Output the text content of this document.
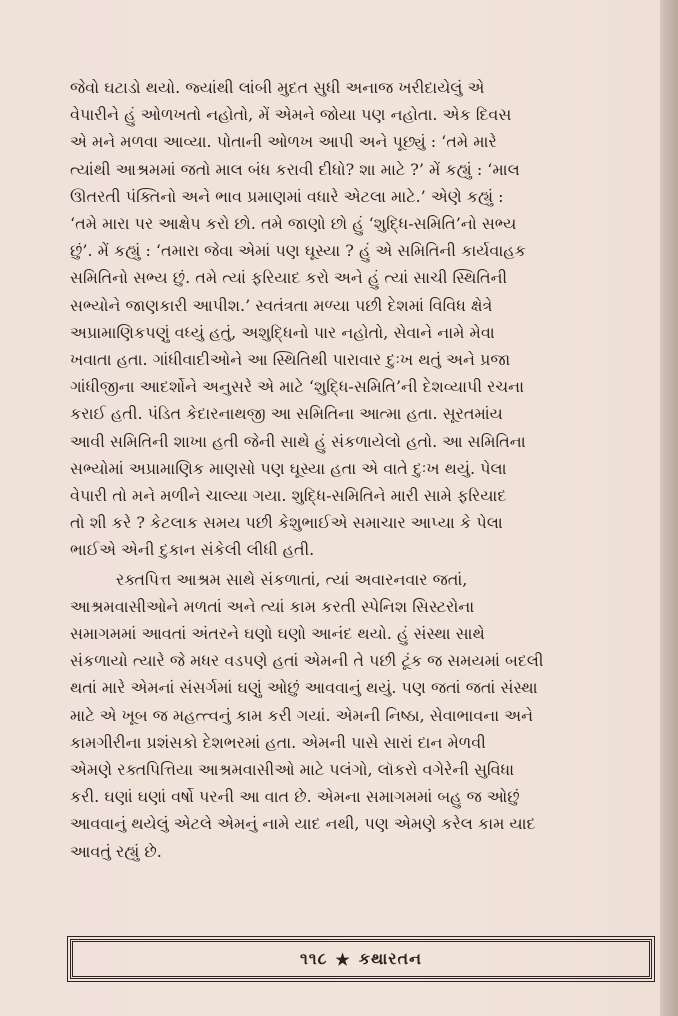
જેવો ઘટાડો થયો. જ્યાંથી લાંબી મુદત સુધી અનાજ ખરીદાયેલું એ
વેપારીને હું ઓળખતો નહોતો, મેં એમને જોયા પણ નહોતા. એક દિવસ
એ મને મળવા આવ્યા. પોતાની ઓળખ આપી અને પૂછ્યું : ‘તમે મારે
ત્યાંથી આશ્રમમાં જતો માલ બંધ કરાવી દીધો? શા માટે ?’ મેં કહ્યું : ‘માલ
ઊતરતી પંક્તિનો અને ભાવ પ્રમાણમાં વધારે એટલા માટે.’ એણે કહ્યું :
‘તમે મારા પર આક્ષેપ કરો છો. તમે જાણો છો હું ‘શુદ્ધિ-સમિતિ’નો સભ્ય
છું’. મેં કહ્યું : ‘તમારા જેવા એમાં પણ ઘૂસ્યા ? હું એ સમિતિની કાર્યવાહક
સમિતિનો સભ્ય છું. તમે ત્યાં ફરિયાદ કરો અને હું ત્યાં સાચી સ્થિતિની
સભ્યોને જાણકારી આપીશ.’ સ્વતંત્રતા મળ્યા પછી દેશમાં વિવિધ ક્ષેત્રે
અપ્રામાણિકપણું વધ્યું હતું, અશુદ્ધિનો પાર નહોતો, સેવાને નામે મેવા
ખવાતા હતા. ગાંધીવાદીઓને આ સ્થિતિથી પારાવાર દુઃખ થતું અને પ્રજા
ગાંધીજીના આદર્શોને અનુસરે એ માટે ‘શુદ્ધિ-સમિતિ’ની દેશવ્યાપી રચના
કરાઈ હતી. પંડિત કેદારનાથજી આ સમિતિના આત્મા હતા. સૂરતમાંય
આવી સમિતિની શાખા હતી જેની સાથે હું સંકળાયેલો હતો. આ સમિતિના
સભ્યોમાં અપ્રામાણિક માણસો પણ ઘૂસ્યા હતા એ વાતે દુઃખ થયું. પેલા
વેપારી તો મને મળીને ચાલ્યા ગયા. શુદ્ધિ-સમિતિને મારી સામે ફરિયાદ
તો શી કરે ? કેટલાક સમય પછી કેશુભાઈએ સમાચાર આપ્યા કે પેલા
ભાઈએ એની દુકાન સંકેલી લીધી હતી.

રક્તપિત્ત આશ્રમ સાથે સંકળાતાં, ત્યાં અવારનવાર જતાં,
આશ્રમવાસીઓને મળતાં અને ત્યાં કામ કરતી સ્પેનિશ સિસ્ટરોના
સમાગમમાં આવતાં અંતરને ઘણો ઘણો આનંદ થયો. હું સંસ્થા સાથે
સંકળાયો ત્યારે જે મધર વડપણે હતાં એમની તે પછી ટૂંક જ સમયમાં બદલી
થતાં મારે એમનાં સંસર્ગમાં ઘણું ઓછું આવવાનું થયું. પણ જતાં જતાં સંસ્થા
માટે એ ખૂબ જ મહત્ત્વનું કામ કરી ગયાં. એમની નિષ્ઠા, સેવાભાવના અને
કામગીરીના પ્રશંસકો દેશભરમાં હતા. એમની પાસે સારાં દાન મેળવી
એમણે રક્તપિત્તિયા આશ્રમવાસીઓ માટે પલંગો, લૉકરો વગેરેની સુવિધા
કરી. ઘણાં ઘણાં વર્ષો પરની આ વાત છે. એમના સમાગમમાં બહુ જ ઓછું
આવવાનું થયેલું એટલે એમનું નામે યાદ નથી, પણ એમણે કરેલ કામ યાદ
આવતું રહ્યું છે.

૧૧૮ ★ કથારતન
